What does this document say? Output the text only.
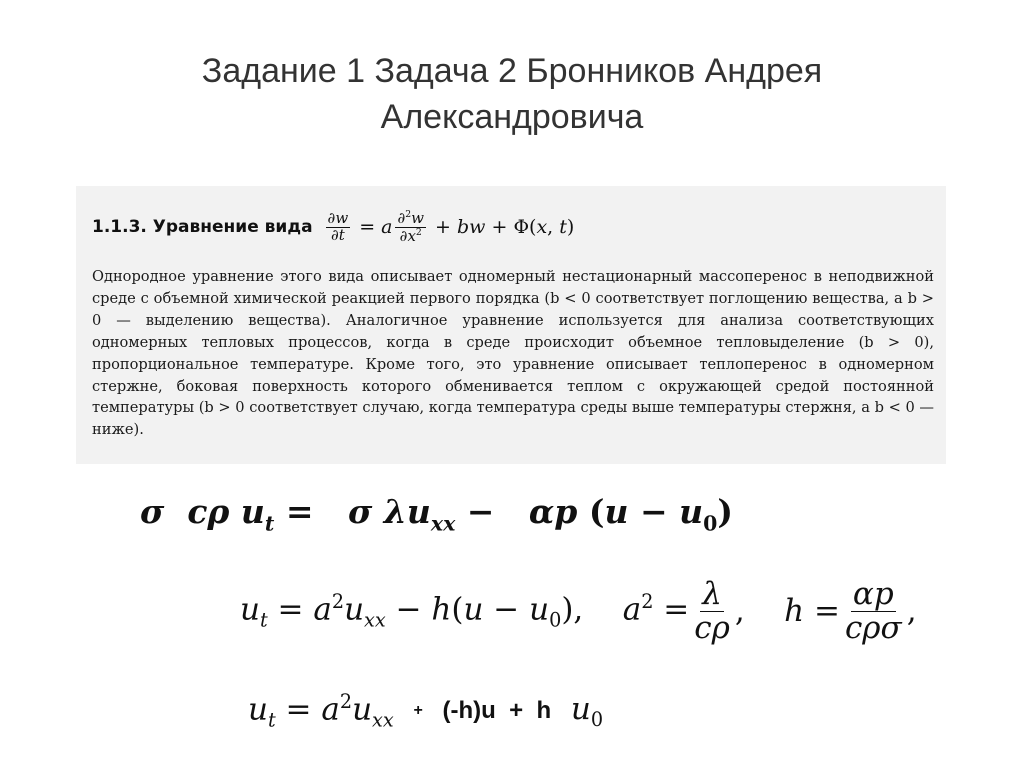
Задание 1 Задача 2 Бронников Андрея
Александровича
1.1.3. Уравнение вида $\frac{\partial w}{\partial t} = a \frac{\partial^2w}{\partial x^2}$ + bw + Φ(x, t)
Однородное уравнение этого вида описывает одномерный нестационарный массоперенос в неподвижной среде с объемной химической реакцией первого порядка (b < 0 соответствует поглощению вещества, а b > 0 — выделению вещества). Аналогичное уравнение используется для анализа соответствующих одномерных тепловых процессов, когда в среде происходит объемное тепловыделение (b > 0), пропорциональное температуре. Кроме того, это уравнение описывает теплоперенос в одномерном стержне, боковая поверхность которого обменивается теплом с окружающей средой постоянной температуры (b > 0 соответствует случаю, когда температура среды выше температуры стержня, а b < 0 — ниже).
σ cρ $u_t = \sigma$ $\lambda u_{xx} - \alpha p$ $(u - u_0)$
$u_t = a^2u_{xx} - h(u - u_0)$,    $a^2 = \frac{\lambda}{c\rho}$ ,    $h = \frac{\alpha p}{\text{cρσ}}$ ,
$u_t = a^2u_{xx}$	+
(-h)u  +  h $u_0$
